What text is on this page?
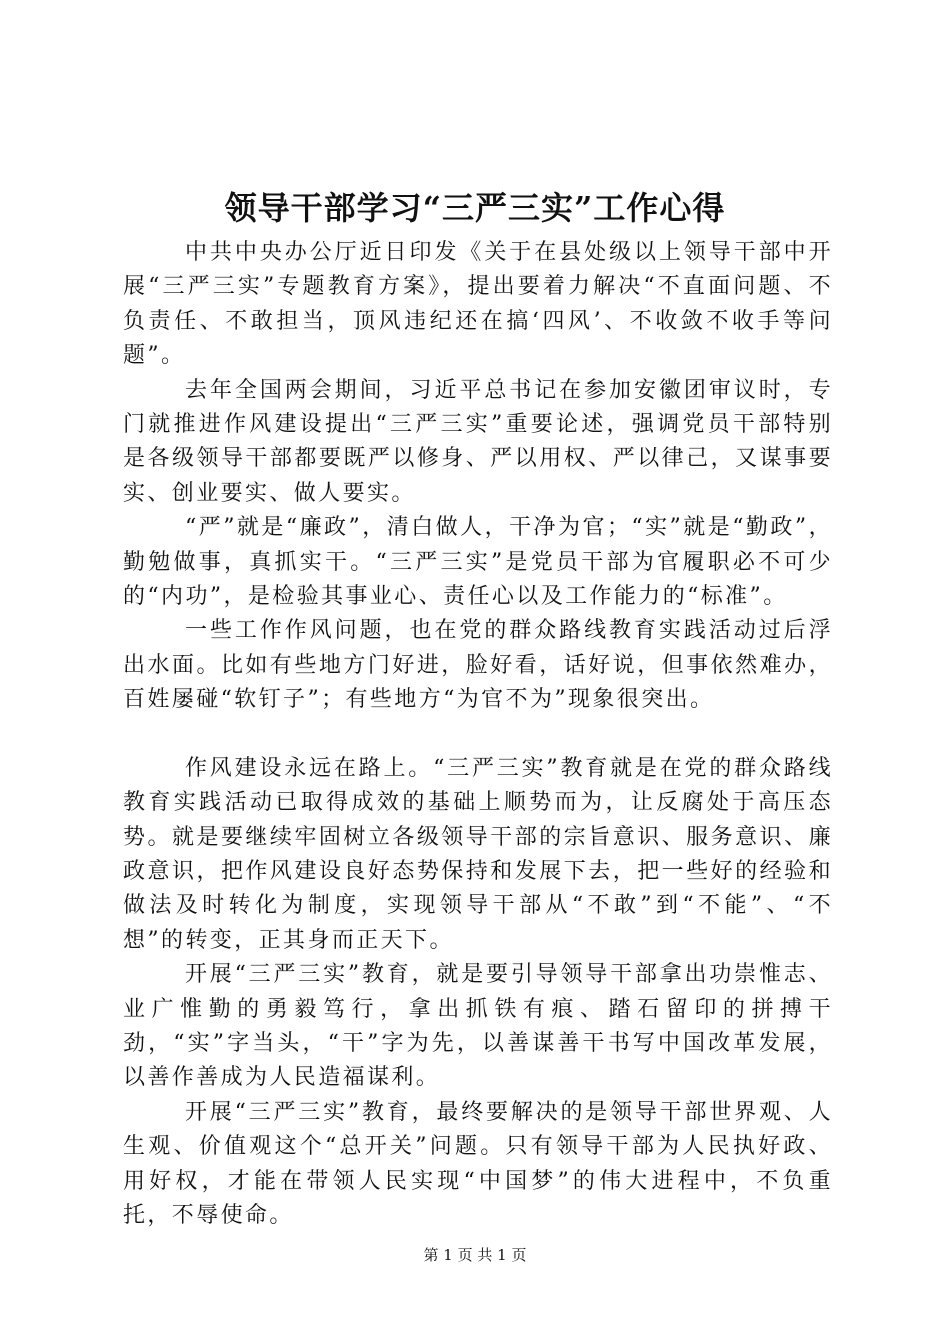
领导干部学习“三严三实”工作心得

中共中央办公厅近日印发《关于在县处级以上领导干部中开展“三严三实”专题教育方案》，提出要着力解决“不直面问题、不负责任、不敢担当，顶风违纪还在搞‘四风’、不收敛不收手等问题”。

去年全国两会期间，习近平总书记在参加安徽团审议时，专门就推进作风建设提出“三严三实”重要论述，强调党员干部特别是各级领导干部都要既严以修身、严以用权、严以律己，又谋事要实、创业要实、做人要实。

“严”就是“廉政”，清白做人，干净为官；“实”就是“勤政”，勤勉做事，真抓实干。“三严三实”是党员干部为官履职必不可少的“内功”，是检验其事业心、责任心以及工作能力的“标准”。

一些工作作风问题，也在党的群众路线教育实践活动过后浮出水面。比如有些地方门好进，脸好看，话好说，但事依然难办，百姓屡碰“软钉子”；有些地方“为官不为”现象很突出。

作风建设永远在路上。“三严三实”教育就是在党的群众路线教育实践活动已取得成效的基础上顺势而为，让反腐处于高压态势。就是要继续牢固树立各级领导干部的宗旨意识、服务意识、廉政意识，把作风建设良好态势保持和发展下去，把一些好的经验和做法及时转化为制度，实现领导干部从“不敢”到“不能”、“不想”的转变，正其身而正天下。

开展“三严三实”教育，就是要引导领导干部拿出功崇惟志、业广惟勤的勇毅笃行，拿出抓铁有痕、踏石留印的拼搏干劲，“实”字当头，“干”字为先，以善谋善干书写中国改革发展，以善作善成为人民造福谋利。

开展“三严三实”教育，最终要解决的是领导干部世界观、人生观、价值观这个“总开关”问题。只有领导干部为人民执好政、用好权，才能在带领人民实现“中国梦”的伟大进程中，不负重托，不辱使命。

第 1 页 共 1 页
